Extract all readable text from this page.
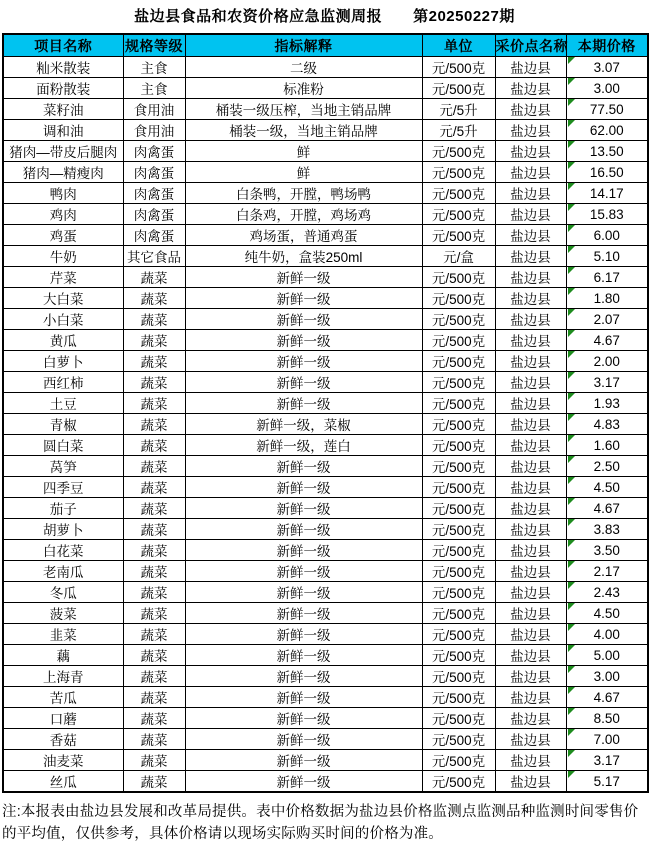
盐边县食品和农资价格应急监测周报　　第20250227期
项目名称	规格等级	指标解释	单位	采价点名称	本期价格
籼米散装	主食	二级	元/500克	盐边县	3.07
面粉散装	主食	标准粉	元/500克	盐边县	3.00
菜籽油	食用油	桶装一级压榨，当地主销品牌	元/5升	盐边县	77.50
调和油	食用油	桶装一级，当地主销品牌	元/5升	盐边县	62.00
猪肉—带皮后腿肉	肉禽蛋	鲜	元/500克	盐边县	13.50
猪肉—精瘦肉	肉禽蛋	鲜	元/500克	盐边县	16.50
鸭肉	肉禽蛋	白条鸭，开膛，鸭场鸭	元/500克	盐边县	14.17
鸡肉	肉禽蛋	白条鸡，开膛，鸡场鸡	元/500克	盐边县	15.83
鸡蛋	肉禽蛋	鸡场蛋，普通鸡蛋	元/500克	盐边县	6.00
牛奶	其它食品	纯牛奶，盒装250ml	元/盒	盐边县	5.10
芹菜	蔬菜	新鲜一级	元/500克	盐边县	6.17
大白菜	蔬菜	新鲜一级	元/500克	盐边县	1.80
小白菜	蔬菜	新鲜一级	元/500克	盐边县	2.07
黄瓜	蔬菜	新鲜一级	元/500克	盐边县	4.67
白萝卜	蔬菜	新鲜一级	元/500克	盐边县	2.00
西红柿	蔬菜	新鲜一级	元/500克	盐边县	3.17
土豆	蔬菜	新鲜一级	元/500克	盐边县	1.93
青椒	蔬菜	新鲜一级，菜椒	元/500克	盐边县	4.83
圆白菜	蔬菜	新鲜一级，莲白	元/500克	盐边县	1.60
莴笋	蔬菜	新鲜一级	元/500克	盐边县	2.50
四季豆	蔬菜	新鲜一级	元/500克	盐边县	4.50
茄子	蔬菜	新鲜一级	元/500克	盐边县	4.67
胡萝卜	蔬菜	新鲜一级	元/500克	盐边县	3.83
白花菜	蔬菜	新鲜一级	元/500克	盐边县	3.50
老南瓜	蔬菜	新鲜一级	元/500克	盐边县	2.17
冬瓜	蔬菜	新鲜一级	元/500克	盐边县	2.43
菠菜	蔬菜	新鲜一级	元/500克	盐边县	4.50
韭菜	蔬菜	新鲜一级	元/500克	盐边县	4.00
藕	蔬菜	新鲜一级	元/500克	盐边县	5.00
上海青	蔬菜	新鲜一级	元/500克	盐边县	3.00
苦瓜	蔬菜	新鲜一级	元/500克	盐边县	4.67
口蘑	蔬菜	新鲜一级	元/500克	盐边县	8.50
香菇	蔬菜	新鲜一级	元/500克	盐边县	7.00
油麦菜	蔬菜	新鲜一级	元/500克	盐边县	3.17
丝瓜	蔬菜	新鲜一级	元/500克	盐边县	5.17
注:本报表由盐边县发展和改革局提供。表中价格数据为盐边县价格监测点监测品种监测时间零售价的平均值，仅供参考，具体价格请以现场实际购买时间的价格为准。
